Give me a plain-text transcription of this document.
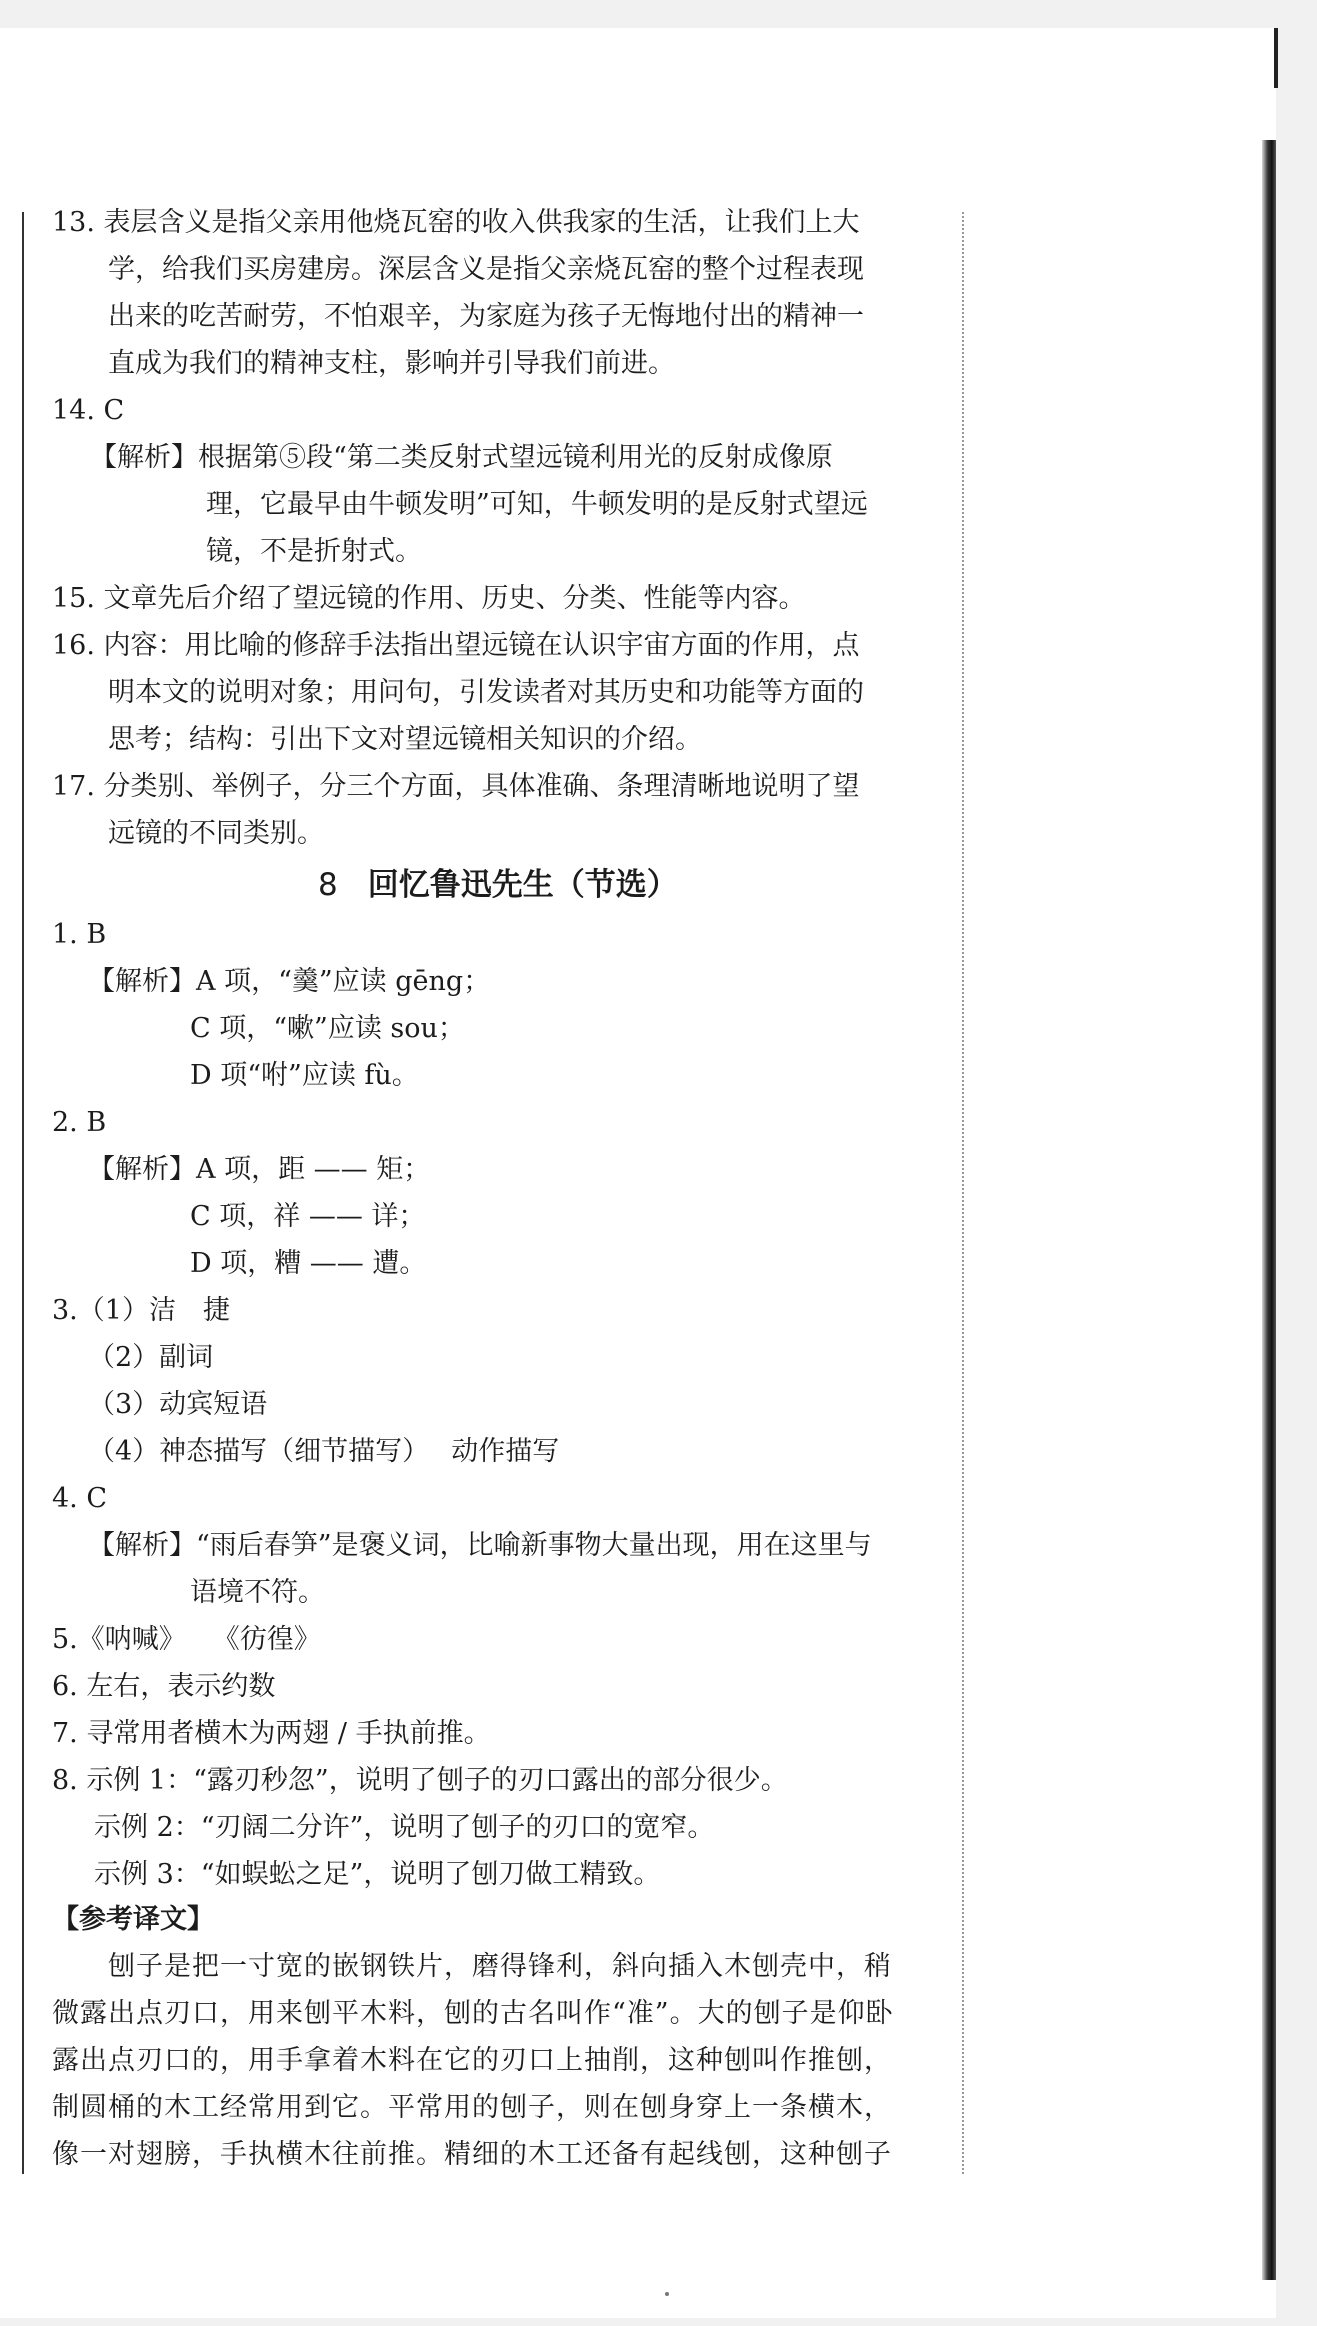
13. 表层含义是指父亲用他烧瓦窑的收入供我家的生活，让我们上大
学，给我们买房建房。深层含义是指父亲烧瓦窑的整个过程表现
出来的吃苦耐劳，不怕艰辛，为家庭为孩子无悔地付出的精神一
直成为我们的精神支柱，影响并引导我们前进。
14. C
【解析】根据第⑤段“第二类反射式望远镜利用光的反射成像原
理，它最早由牛顿发明”可知，牛顿发明的是反射式望远
镜，不是折射式。
15. 文章先后介绍了望远镜的作用、历史、分类、性能等内容。
16. 内容：用比喻的修辞手法指出望远镜在认识宇宙方面的作用，点
明本文的说明对象；用问句，引发读者对其历史和功能等方面的
思考；结构：引出下文对望远镜相关知识的介绍。
17. 分类别、举例子，分三个方面，具体准确、条理清晰地说明了望
远镜的不同类别。
8 回忆鲁迅先生（节选）
1. B
【解析】A 项，“羹”应读 gēng；
C 项，“嗽”应读 sou；
D 项“咐”应读 fù。
2. B
【解析】A 项，距 —— 矩；
C 项，祥 —— 详；
D 项，糟 —— 遭。
3.（1）洁　捷
（2）副词
（3）动宾短语
（4）神态描写（细节描写）　 动作描写
4. C
【解析】“雨后春笋”是褒义词，比喻新事物大量出现，用在这里与
语境不符。
5.《呐喊》　　《彷徨》
6. 左右，表示约数
7. 寻常用者横木为两翅 / 手执前推。
8. 示例 1：“露刃秒忽”，说明了刨子的刃口露出的部分很少。
示例 2：“刃阔二分许”，说明了刨子的刃口的宽窄。
示例 3：“如蜈蚣之足”，说明了刨刀做工精致。
【参考译文】
刨子是把一寸宽的嵌钢铁片，磨得锋利，斜向插入木刨壳中，稍
微露出点刃口，用来刨平木料，刨的古名叫作“准”。大的刨子是仰卧
露出点刃口的，用手拿着木料在它的刃口上抽削，这种刨叫作推刨，
制圆桶的木工经常用到它。平常用的刨子，则在刨身穿上一条横木，
像一对翅膀，手执横木往前推。精细的木工还备有起线刨，这种刨子
